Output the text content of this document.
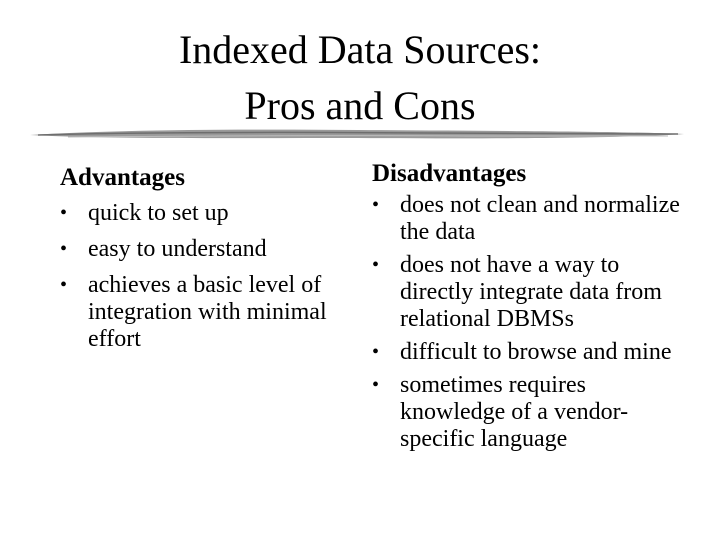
Indexed Data Sources:
Pros and Cons
Advantages
• quick to set up
• easy to understand
• achieves a basic level of integration with minimal effort
Disadvantages
• does not clean and normalize the data
• does not have a way to directly integrate data from relational DBMSs
• difficult to browse and mine
• sometimes requires knowledge of a vendor-specific language
